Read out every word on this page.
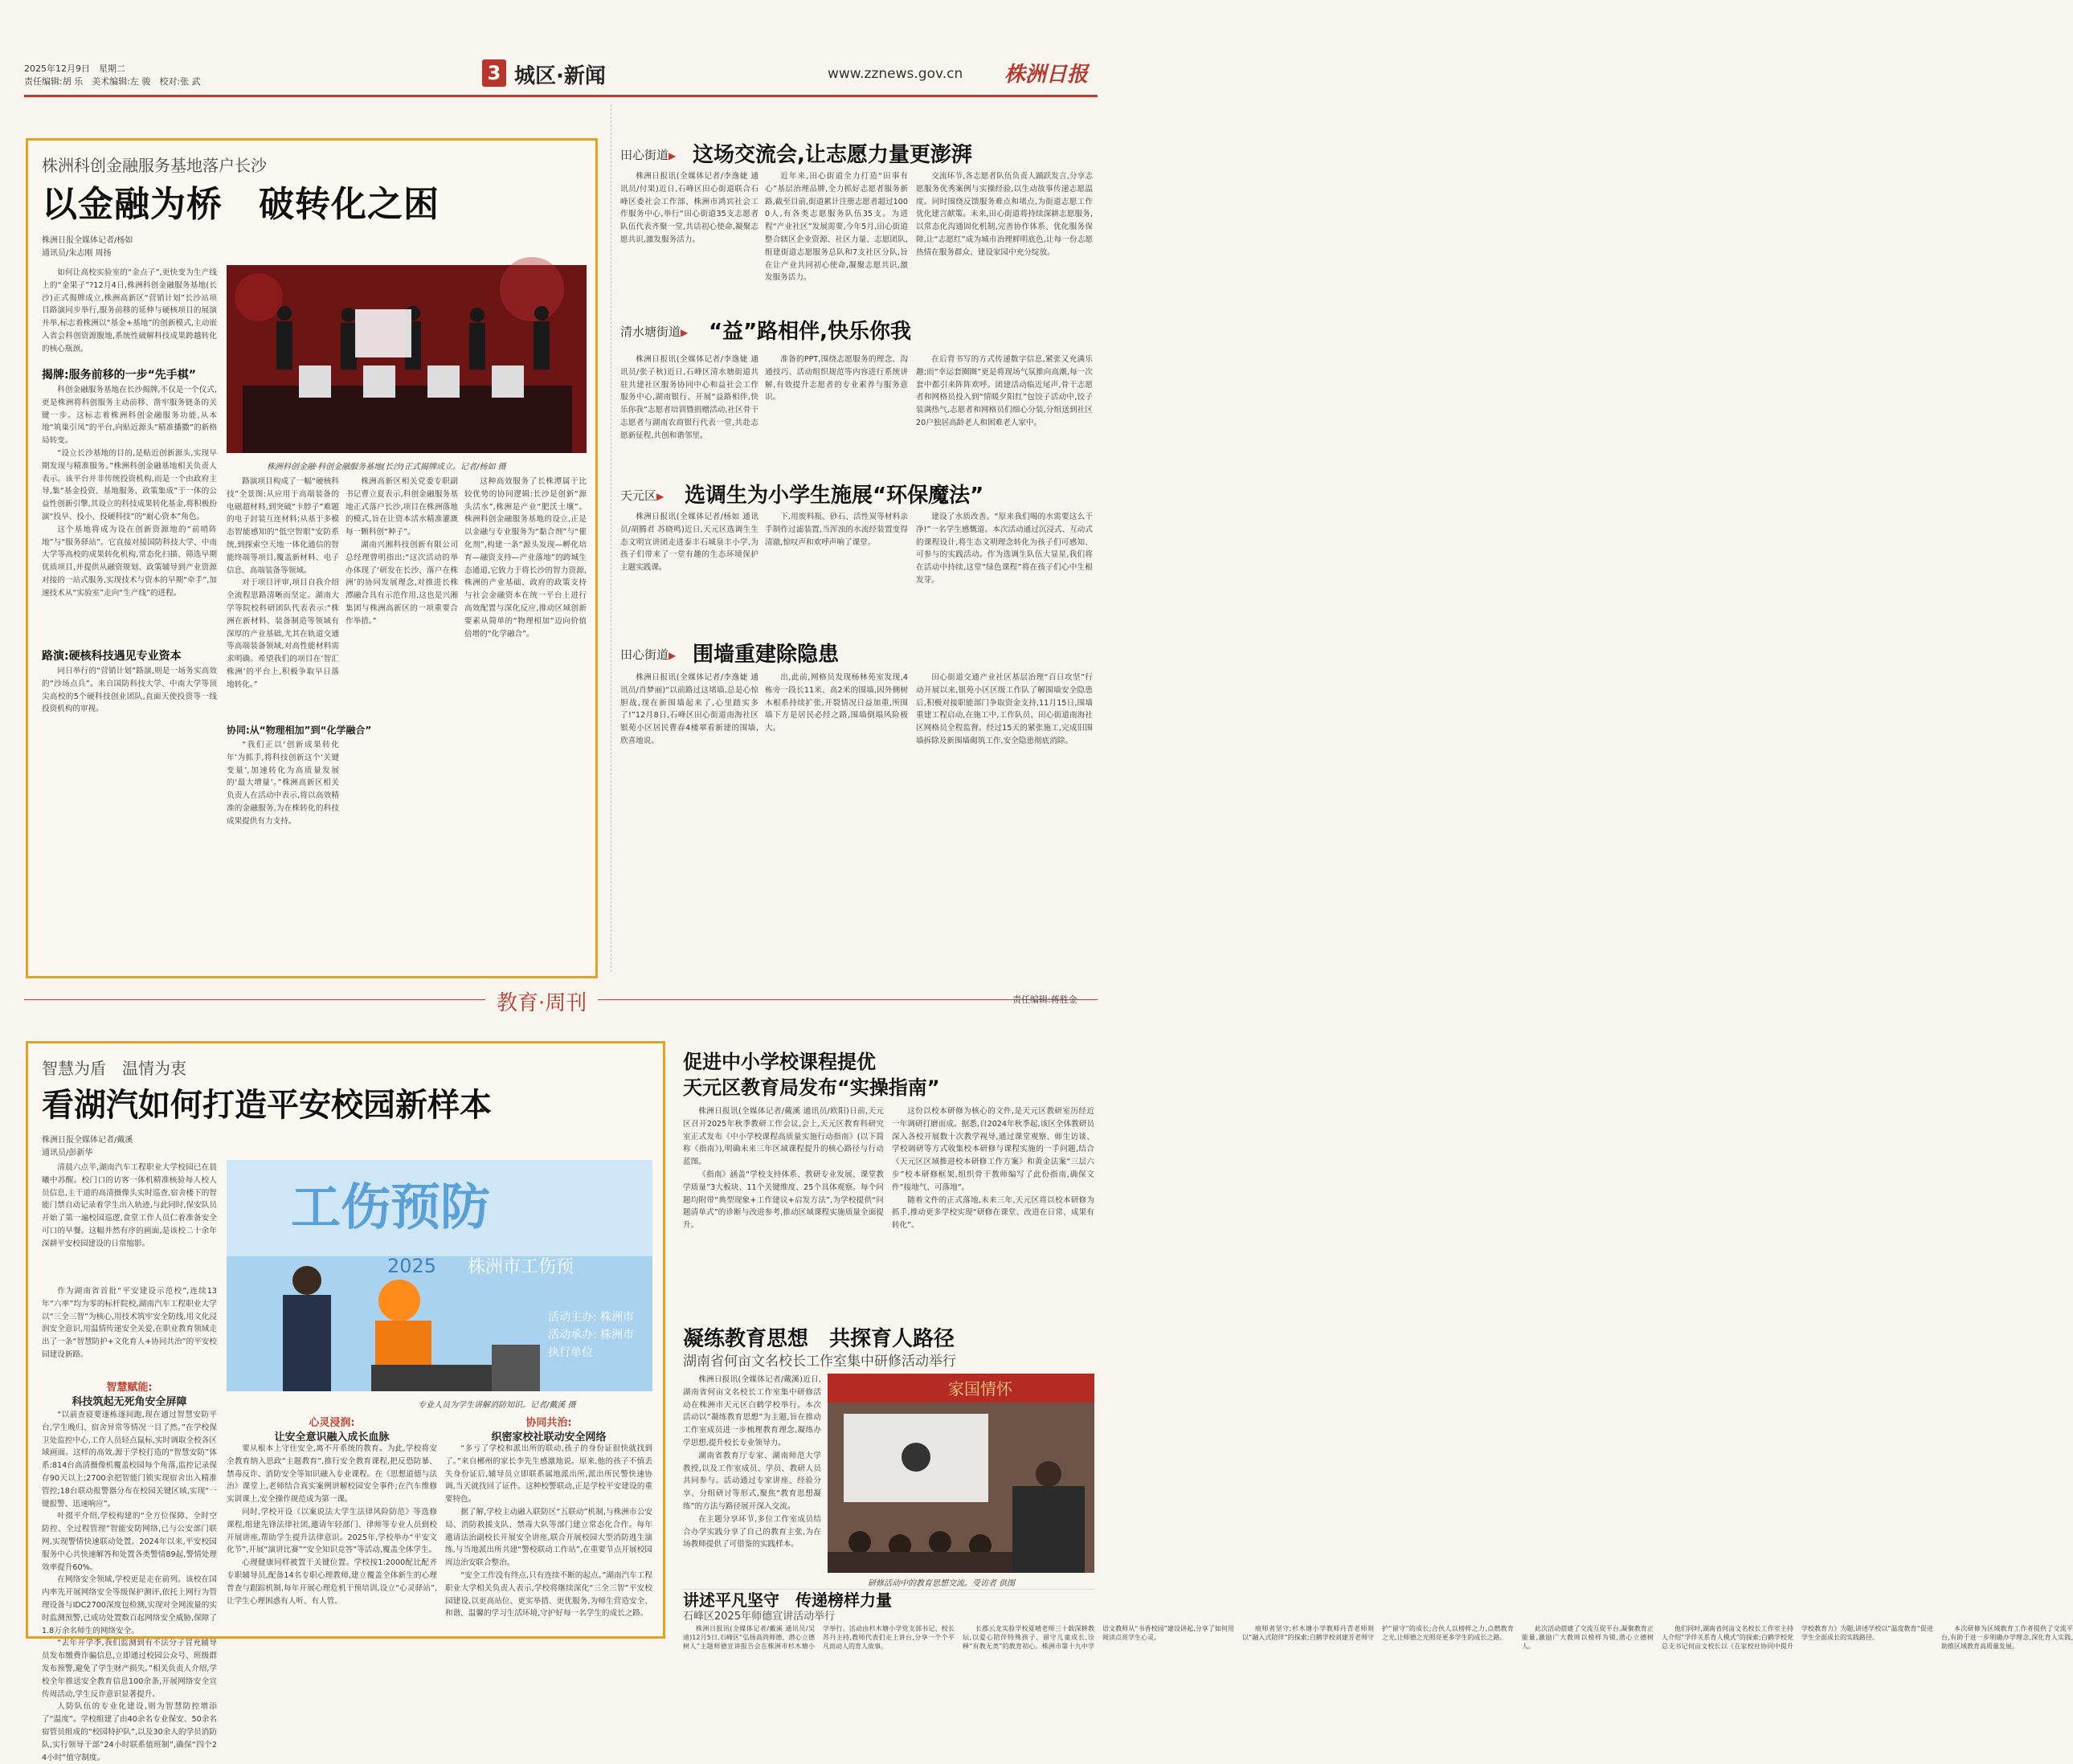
2025年12月9日　星期二
责任编辑:胡 乐　美术编辑:左 骏　校对:张 武	3 城区·新闻	www.zznews.gov.cn 株洲日报
株洲科创金融服务基地落户长沙
以金融为桥　破转化之困
株洲日报全媒体记者/杨如
通讯员/朱志刚 周扬
如何让高校实验室的“金点子”,更快变为生产线上的“金果子”?12月4日,株洲科创金融服务基地(长沙)正式揭牌成立,株洲高新区“营销计划”长沙站项目路演同步举行,服务前移的延伸与硬核项目的展演并举,标志着株洲以“基金+基地”的创新模式,主动嵌入省会科创资源腹地,系统性破解科技成果跨越转化的核心瓶颈。
揭牌:服务前移的一步“先手棋”

科创金融服务基地在长沙揭牌,不仅是一个仪式,更是株洲将科创服务主动前移、凿牢服务链条的关键一步。这标志着株洲科创金融服务功能,从本地“筑巢引凤”的平台,向贴近源头“精准播撒”的新格局转变。

“设立长沙基地的目的,是贴近创新源头,实现早期发现与精准服务。”株洲科创金融基地相关负责人表示。该平台并非传统投资机构,而是一个由政府主导,集“基金投资、基地服务、政策集成”于一体的公益性创新引擎,其设立的科技成果转化基金,将积极扮演“投早、投小、投硬科技”的“耐心资本”角色。

这个基地将成为设在创新资源地的“前哨阵地”与“服务驿站”。它直接对接国防科技大学、中南大学等高校的成果转化机构,常态化扫描、筛选早期优质项目,并提供从融资规划、政策辅导到产业资源对接的一站式服务,实现技术与资本的早期“牵手”,加速技术从“实验室”走向“生产线”的进程。

路演:硬核科技遇见专业资本
同日举行的“营销计划”路演,则是一场务实高效的“沙场点兵”。来自国防科技大学、中南大学等顶尖高校的5个硬科技创业团队,直面天使投资等一线投资机构的审视。
株洲科创金融·科创金融服务基地(长沙)正式揭牌成立。记者/杨如 摄

路演项目构成了一幅“硬核科技”全景图:从应用于高端装备的电磁超材料,到突破“卡脖子”难题的电子封装互连材料;从基于多模态智能感知的“低空智眼”安防系统,到探索空天地一体化通信的智能终端等项目,覆盖新材料、电子信息、高端装备等领域。

对于项目评审,项目自我介绍全流程思路清晰而坚定。湖南大学等院校科研团队代表表示:“株洲在新材料、装备制造等领域有深厚的产业基础,尤其在轨道交通等高端装备领域,对高性能材料需求明确。希望我们的项目在‘智汇株洲’的平台上,积极争取早日落地转化。”

协同:从“物理相加”到“化学融合”
“我们正以‘创新成果转化年’为抓手,将科技创新这个‘关键变量’,加速转化为高质量发展的‘最大增量’。”株洲高新区相关负责人在活动中表示,将以高效精准的金融服务,为在株转化的科技成果提供有力支持。

株洲高新区相关党委专职副书记曹立夏表示,科创金融服务基地正式落户长沙,项目在株洲落地的模式,旨在让资本活水精准灌溉每一颗科创“种子”。

湖南兴湘科技创新有限公司总经理曾明指出:“这次活动的举办体现了‘研发在长沙、落户在株洲’的协同发展理念,对推进长株潭融合具有示范作用,这也是兴湘集团与株洲高新区的一项重要合作举措。”

这种高效服务了长株潭属于比较优势的协同逻辑:长沙是创新“源头活水”,株洲是产业“肥沃土壤”。株洲科创金融服务基地的设立,正是以金融与专业服务为“黏合剂”与“催化剂”,构建一条“源头发现—孵化培育—融资支持—产业落地”的跨城生态通道,它致力于将长沙的智力资源,株洲的产业基础、政府的政策支持与社会金融资本在统一平台上进行高效配置与深化反应,推动区域创新要素从简单的“物理相加”迈向价值倍增的“化学融合”。
田心街道▶ 这场交流会,让志愿力量更澎湃
株洲日报讯(全媒体记者/李逸婕 通讯员/付果)近日,石峰区田心街道联合石峰区委社会工作部、株洲市鸿宾社会工作服务中心,举行“田心街道35支志愿者队伍代表齐聚一堂,共话初心使命,凝聚志愿共识,激发服务活力。
近年来,田心街道全力打造“田事有心”基层治理品牌,全力抓好志愿者服务新路,截至目前,街道累计注册志愿者超过1000人,有各类志愿服务队伍35支。为进程“产业社区”发展需要,今年5月,田心街道整合辖区企业资源、社区力量、志愿团队,组建街道志愿服务总队和7支社区分队,旨在让产业共同初心使命,凝聚志愿共识,激发服务活力。
交流环节,各志愿者队伍负责人踊跃发言,分享志愿服务优秀案例与实操经验,以生动故事传递志愿温度。同时围绕反馈服务难点和堵点,为街道志愿工作优化建言献策。未来,田心街道将持续深耕志愿服务,以常态化沟通固化机制,完善协作体系、优化服务保障,让“志愿红”成为城市治理鲜明底色,让每一份志愿热情在服务群众、建设家园中充分绽放。
清水塘街道▶ “益”路相伴,快乐你我
株洲日报讯(全媒体记者/李逸婕 通讯员/张子秋)近日,石峰区清水塘街道共驻共建社区服务协同中心和益社会工作服务中心,湖南银行、开展“益路相伴,快乐你我”志愿者培训暨捐赠活动,社区骨干志愿者与湖南农商银行代表一堂,共赴志愿新征程,共创和谐邻里。
准备的PPT,围绕志愿服务的理念、沟通技巧、活动组织规范等内容进行系统讲解,有效提升志愿者的专业素养与服务意识。
在后背书写的方式传递数字信息,紧张又充满乐趣;而“幸运套圈圈”更是将现场气氛推向高潮,每一次套中都引来阵阵欢呼。团建活动临近尾声,骨干志愿者和网格员投入到“情暖夕阳红”包饺子活动中,饺子装满热气,志愿者和网格员们细心分装,分组送到社区20户独居高龄老人和困难老人家中。
天元区▶ 选调生为小学生施展“环保魔法”
株洲日报讯(全媒体记者/杨如 通讯员/胡腾君 苏晓鸣)近日,天元区选调生生态文明宣讲团走进泰丰石城泉丰小学,为孩子们带来了一堂有趣的生态环境保护主题实践课。
下,用废料瓶、砂石、活性炭等材料亲手制作过滤装置,当浑浊的水流经装置变得清澈,惊叹声和欢呼声响了课堂。
建设了水质改善。“原来我们喝的水需要这么干净!”一名学生感慨道。本次活动通过沉浸式、互动式的课程设计,将生态文明理念转化为孩子们可感知、可参与的实践活动。作为选调生队伍大显星,我们将在活动中持续,这堂“绿色课程”将在孩子们心中生根发芽。
田心街道▶ 围墙重建除隐患
株洲日报讯(全媒体记者/李逸婕 通讯员/肖梦丽)“以前路过这堵墙,总是心惊胆战,现在新围墙起来了,心里踏实多了!”12月8日,石峰区田心街道南海社区银苑小区居民曹春4楼翠看新建的围墙,欣喜地说。
出,此前,网格员发现杨林苑室发现,4栋旁一段长11米、高2米的围墙,因外侧树木根系持续扩张,开裂情况日益加重,所围墙下方是居民必经之路,围墙倒塌风险极大。
田心街道交通产业社区基层治理“百日攻坚”行动开展以来,银苑小区区级工作队了解围墙安全隐患后,积极对接职能部门争取资金支持,11月15日,围墙重建工程启动,在施工中,工作队员、田心街道南海社区网格员全程监督。经过15天的紧张施工,完成旧围墙拆除及新围墙砌筑工作,安全隐患彻底消除。
教育·周刊	责任编辑:蒋胜金
智慧为盾　温情为衷
看湖汽如何打造平安校园新样本
株洲日报全媒体记者/戴溪
通讯员/彭新华
清晨六点半,湖南汽车工程职业大学校园已在晨曦中苏醒。校门口的访客一体机精准核验每人校人员信息,主干道的高清摄像头实时巡查,宿舍楼下的智能门禁自动记录着学生出入轨迹,与此同时,保安队员开始了第一遍校园巡逻,食堂工作人员仁着准备安全可口的早餐。这幅井然有序的画面,是该校二十余年深耕平安校园建设的日常缩影。
作为湖南省首批“平安建设示范校”,连续13年“六率”均为零的标杆院校,湖南汽车工程职业大学以“三全三智”为核心,用技术筑牢安全防线,用文化浸润安全意识,用温情传递安全关爱,在职业教育领域走出了一条“智慧防护+文化育人+协同共治”的平安校园建设新路。
智慧赋能:
科技筑起无死角安全屏障

“以前查寝要逐栋逐间跑,现在通过智慧安防平台,学生晚归、宿舍异常等情况一目了然。”在学校保卫处监控中心,工作人员轻点鼠标,实时调取全校各区域画面。这样的高效,源于学校打造的“智慧安防”体系:814台高清摄像机覆盖校园每个角落,监控记录保存90天以上;2700余把智能门锁实现宿舍出入精准管控;18台联动报警器分布在校园关键区域,实现“一键报警、迅速响应”。

叶掇平介绍,学校构建的“全方位保障、全时空防控、全过程管理”智能安防网络,已与公安部门联网,实现警情快速联动处置。2024年以来,平安校园服务中心共快速解答和处置各类警情89起,警情处理效率提升60%。

在网络安全领域,学校更是走在前列。该校在国内率先开展网络安全等级保护测评,依托上网行为管理设备与IDC2700深度包检测,实现对全网流量的实时监测预警,已成功处置数百起网络安全威胁,保障了1.8万余名师生的网络安全。

“去年开学季,我们监测到有不法分子冒充辅导员发布缴费诈骗信息,立即通过校园公众号、班级群发布预警,避免了学生财产损失。”相关负责人介绍,学校全年推送安全教育信息100余条,开展网络安全宣传周活动,学生反诈意识显著提升。

人防队伍的专业化建设,则为智慧防控增添了“温度”。学校组建了由40余名专业保安、50余名宿管员组成的“校园特护队”,以及30余人的学员消防队,实行领导干部“24小时联系值班制”,确保“四个24小时”值守制度。

工伤预防
2025 株洲市工伤预
活动主办: 株洲市
活动承办: 株洲市
执行单位
专业人员为学生讲解消防知识。记者/戴溪 摄
心灵浸润:
让安全意识融入成长血脉

要从根本上守住安全,离不开系统的教育。为此,学校将安全教育纳入思政“主题教育”,推行安全教育课程,把反恐防暴、禁毒反诈、消防安全等知识融入专业课程。在《思想道德与法治》课堂上,老师结合真实案例讲解校园安全事件;在汽车维修实训课上,安全操作规范成为第一课。

同时,学校开设《以案说法大学生法律风险防范》等选修课程,组建先锋法律社团,邀请年轻部门、律师等专业人员到校开展讲座,帮助学生提升法律意识。2025年,学校举办“平安文化节”,开展“演讲比赛”“安全知识竞答”等活动,覆盖全体学生。

心理健康同样被置于关键位置。学校按1:2000配比配齐专职辅导员,配备14名专职心理教师,建立覆盖全体新生的心理普查与跟踪机制,每年开展心理危机干预培训,设立“心灵驿站”,让学生心理困惑有人听、有人管。

协同共治:
织密家校社联动安全网络

“多亏了学校和派出所的联动,孩子的身份证很快就找到了。”来自郴州的家长李先生感激地说。原来,他的孩子不慎丢失身份证后,辅导员立即联系属地派出所,派出所民警快速协调,当天就找回了证件。这种校警联动,正是学校平安建设的重要特色。

据了解,学校主动融入联防区“五联动”机制,与株洲市公安局、消防救援支队、禁毒大队等部门建立常态化合作。每年邀请法治副校长开展安全讲座,联合开展校园大型消防逃生演练,与当地派出所共建“警校联动工作站”,在重要节点开展校园周边治安联合整治。

“安全工作没有终点,只有连续不断的起点。”湖南汽车工程职业大学相关负责人表示,学校将继续深化“三全三智”平安校园建设,以更高站位、更实举措、更优服务,为师生营造安全、和谐、温馨的学习生活环境,守护好每一名学生的成长之路。

促进中小学校课程提优
天元区教育局发布“实操指南”

株洲日报讯(全媒体记者/戴溪 通讯员/欧阳)日前,天元区召开2025年秋季教研工作会议,会上,天元区教育科研究室正式发布《中小学校课程高质量实施行动指南》(以下简称《指南》),明确未来三年区域课程提升的核心路径与行动蓝图。

《指南》涵盖“学校支持体系、教研专业发展、课堂教学质量”3大板块、11个关键维度、25个具体观察。每个问题均附带“典型现象+工作建议+启发方法”,为学校提供“问题清单式”的诊断与改进参考,推动区域课程实施质量全面提升。

这份以校本研修为核心的文件,是天元区教研室历经近一年调研打磨而成。据悉,自2024年秋季起,该区全体教研员深入各校开展数十次教学视导,通过课堂观察、师生访谈、学校调研等方式收集校本研修与课程实施的一手问题,结合《天元区区域推进校本研修工作方案》和黄金法案“三层六步”校本研修框架,组织骨干教师编写了此份指南,确保文件“接地气、可落地”。

随着文件的正式落地,未来三年,天元区将以校本研修为抓手,推动更多学校实现“研修在课堂、改进在日常、成果有转化”。

凝练教育思想　共探育人路径
湖南省何亩文名校长工作室集中研修活动举行

株洲日报讯(全媒体记者/戴溪)近日,湖南省何亩文名校长工作室集中研修活动在株洲市天元区白鹤学校举行。本次活动以“凝练教育思想”为主题,旨在推动工作室成员进一步梳理教育理念,凝练办学思想,提升校长专业领导力。

湖南省教育厅专家、湖南师范大学教授,以及工作室成员、学员、教研人员共同参与。活动通过专家讲座、经验分享、分组研讨等形式,聚焦“教育思想凝练”的方法与路径展开深入交流。

在主题分享环节,多位工作室成员结合办学实践分享了自己的教育主张,为在场教师提供了可借鉴的实践样本。

家国情怀
研修活动中的教育思想交流。受访者 供图
讲述平凡坚守　传递榜样力量
石峰区2025年师德宣讲活动举行

株洲日报讯(全媒体记者/戴溪 通讯员/吴迪)12月5日,石峰区“弘扬高尚师德、潜心立德树人”主题师德宣讲报告会在株洲市杉木塘小学举行。活动由杉木塘小学党支部书记、校长苏丹主持,教师代表们走上讲台,分享一个个平凡而动人的育人故事。

长郡云龙实验学校夏晴老师三十载深耕教坛,以爱心陪伴特殊孩子、留守儿童成长,诠释“有教无类”的教育初心。株洲市第十九中学语文教师从“书香校园”建设讲起,分享了如何用阅读点亮学生心灵。

痕师者坚守;杉木塘小学教师丹青老师则以“融入式陪伴”的探索;白鹤学校刘建芳老师守护“留守”的成长;合伙人以榜样之力,点燃教育之光,让师德之光照亮更多学生的成长之路。

此次活动搭建了交流互促平台,凝聚教育正能量,激励广大教师以榜样为镜,潜心立德树人。

他们同时,湖南省何亩文名校长工作室主持人介绍“学伴关系育人模式”的探索;白鹤学校党总支书记何亩文校长以《在家校社协同中提升学校教育力》为题,讲述学校以“温度教育”促进学生全面成长的实践路径。

本次研修为区域教育工作者提供了交流平台,有助于进一步明确办学理念,深化育人实践,助推区域教育高质量发展。
